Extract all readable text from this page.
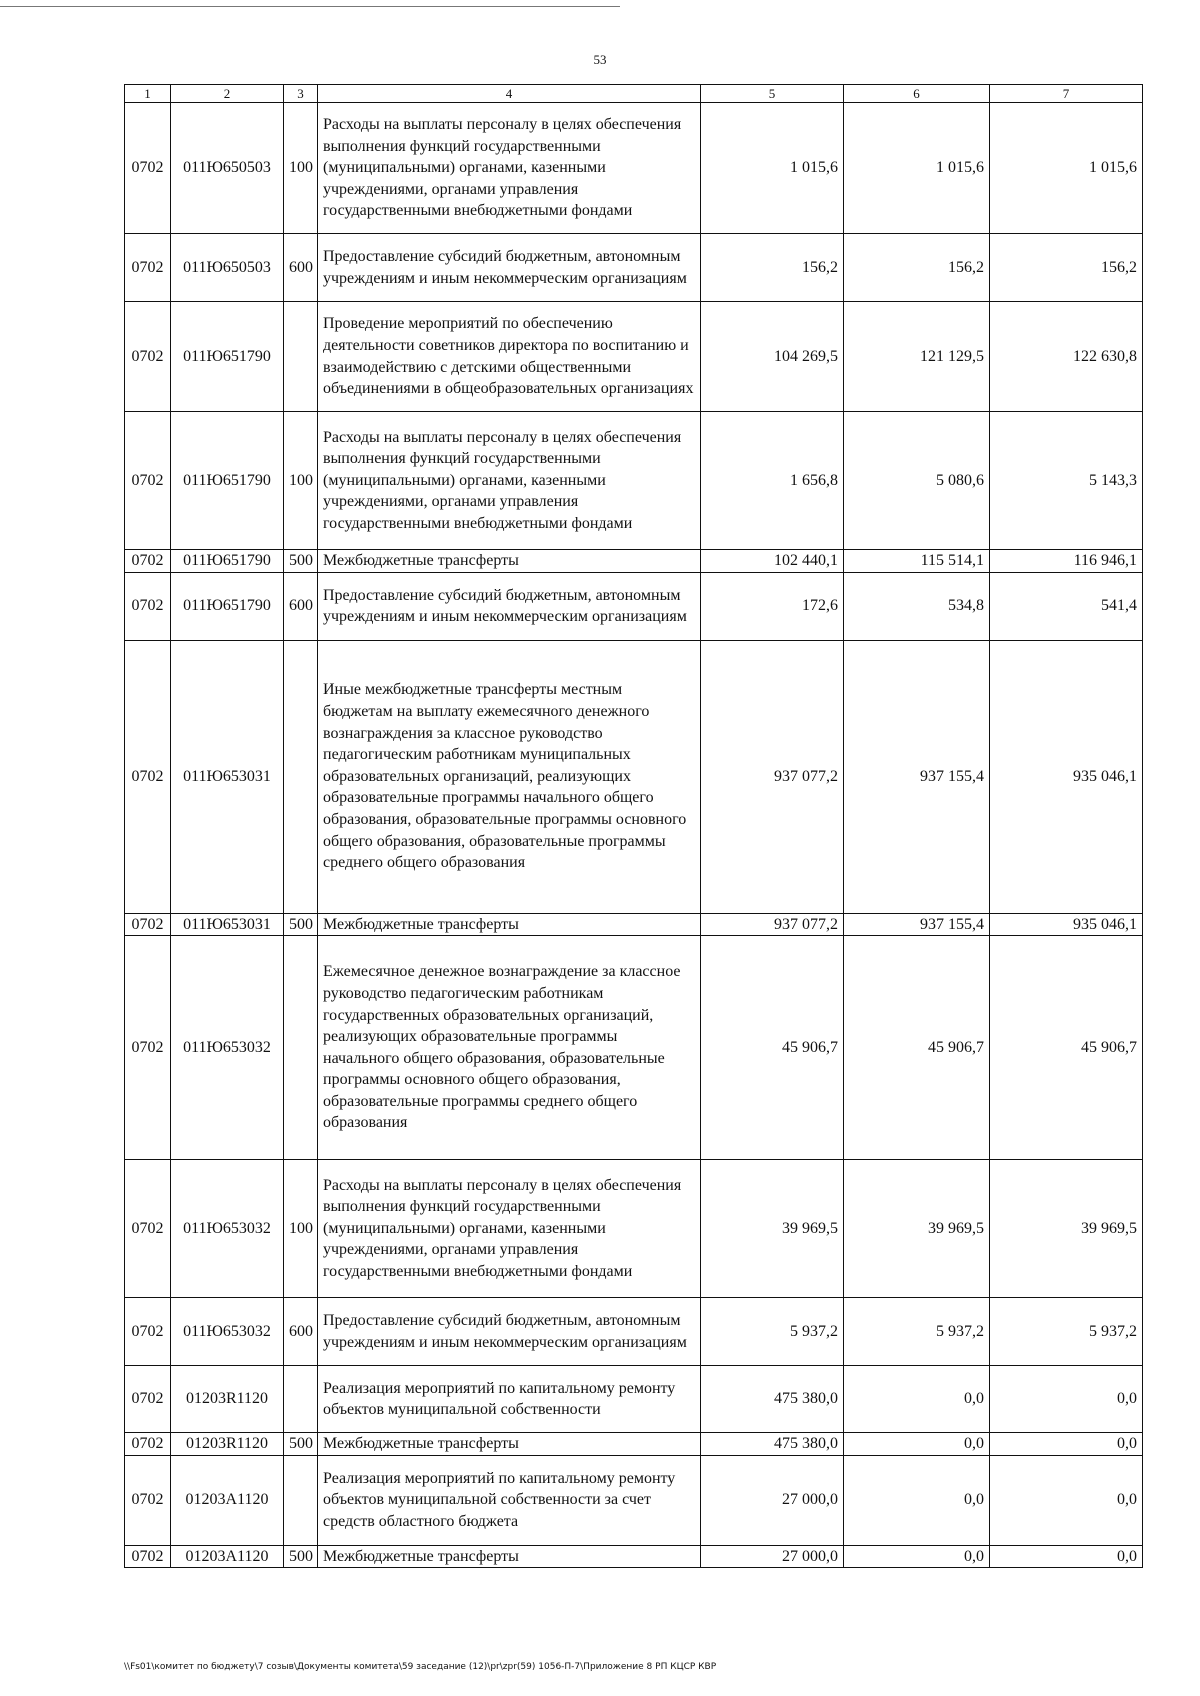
53
1	2	3	4	5	6	7
0702	011Ю650503	100	Расходы на выплаты персоналу в целях обеспечения выполнения функций государственными (муниципальными) органами, казенными учреждениями, органами управления государственными внебюджетными фондами	1 015,6	1 015,6	1 015,6
0702	011Ю650503	600	Предоставление субсидий бюджетным, автономным учреждениям и иным некоммерческим организациям	156,2	156,2	156,2
0702	011Ю651790		Проведение мероприятий по обеспечению деятельности советников директора по воспитанию и взаимодействию с детскими общественными объединениями в общеобразовательных организациях	104 269,5	121 129,5	122 630,8
0702	011Ю651790	100	Расходы на выплаты персоналу в целях обеспечения выполнения функций государственными (муниципальными) органами, казенными учреждениями, органами управления государственными внебюджетными фондами	1 656,8	5 080,6	5 143,3
0702	011Ю651790	500	Межбюджетные трансферты	102 440,1	115 514,1	116 946,1
0702	011Ю651790	600	Предоставление субсидий бюджетным, автономным учреждениям и иным некоммерческим организациям	172,6	534,8	541,4
0702	011Ю653031		Иные межбюджетные трансферты местным бюджетам на выплату ежемесячного денежного вознаграждения за классное руководство педагогическим работникам муниципальных образовательных организаций, реализующих образовательные программы начального общего образования, образовательные программы основного общего образования, образовательные программы среднего общего образования	937 077,2	937 155,4	935 046,1
0702	011Ю653031	500	Межбюджетные трансферты	937 077,2	937 155,4	935 046,1
0702	011Ю653032		Ежемесячное денежное вознаграждение за классное руководство педагогическим работникам государственных образовательных организаций, реализующих образовательные программы начального общего образования, образовательные программы основного общего образования, образовательные программы среднего общего образования	45 906,7	45 906,7	45 906,7
0702	011Ю653032	100	Расходы на выплаты персоналу в целях обеспечения выполнения функций государственными (муниципальными) органами, казенными учреждениями, органами управления государственными внебюджетными фондами	39 969,5	39 969,5	39 969,5
0702	011Ю653032	600	Предоставление субсидий бюджетным, автономным учреждениям и иным некоммерческим организациям	5 937,2	5 937,2	5 937,2
0702	01203R1120		Реализация мероприятий по капитальному ремонту объектов муниципальной собственности	475 380,0	0,0	0,0
0702	01203R1120	500	Межбюджетные трансферты	475 380,0	0,0	0,0
0702	01203A1120		Реализация мероприятий по капитальному ремонту объектов муниципальной собственности за счет средств областного бюджета	27 000,0	0,0	0,0
0702	01203A1120	500	Межбюджетные трансферты	27 000,0	0,0	0,0
\\Fs01\комитет по бюджету\7 созыв\Документы комитета\59 заседание (12)\pr\zpr(59) 1056-П-7\Приложение 8 РП КЦСР КВР
